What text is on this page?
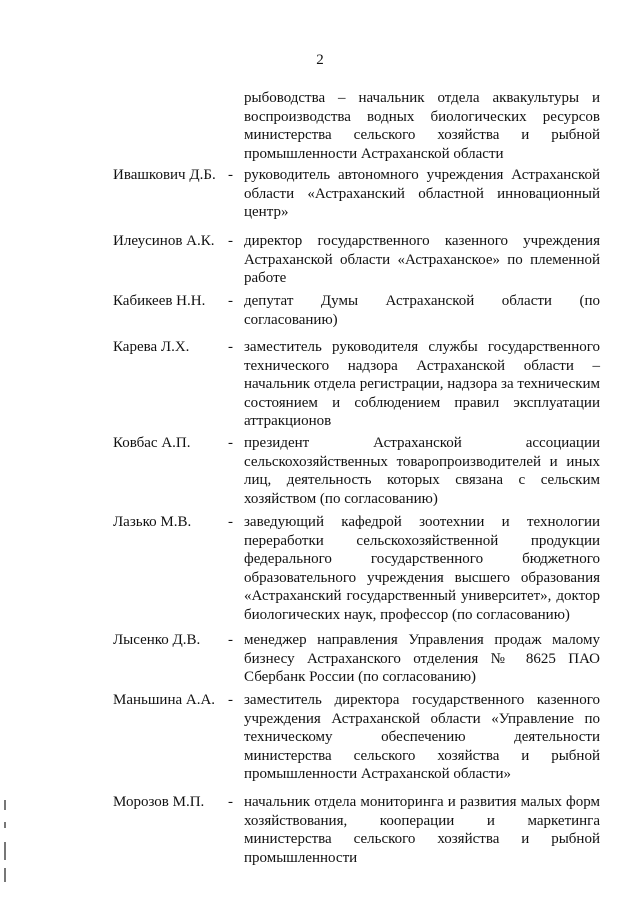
2
рыбоводства – начальник отдела аквакультуры и воспроизводства водных биологических ресурсов министерства сельского хозяйства и рыбной промышленности Астраханской области
Ивашкович Д.Б. - руководитель автономного учреждения Астраханской области «Астраханский областной инновационный центр»
Илеусинов А.К. - директор государственного казенного учреждения Астраханской области «Астраханское» по племенной работе
Кабикеев Н.Н. - депутат Думы Астраханской области (по согласованию)
Карева Л.Х.	- заместитель руководителя службы государственного технического надзора Астраханской области – начальник отдела регистрации, надзора за техническим состоянием и соблюдением правил эксплуатации аттракционов
Ковбас А.П. - президент Астраханской ассоциации сельскохозяйственных товаропроизводителей и иных лиц, деятельность которых связана с сельским хозяйством (по согласованию)
Лазько М.В. - заведующий кафедрой зоотехнии и технологии переработки сельскохозяйственной продукции федерального государственного бюджетного образовательного учреждения высшего образования «Астраханский государственный университет», доктор биологических наук, профессор (по согласованию)
Лысенко Д.В. - менеджер направления Управления продаж малому бизнесу Астраханского отделения № 8625 ПАО Сбербанк России (по согласованию)
Маньшина А.А. - заместитель директора государственного казенного учреждения Астраханской области «Управление по техническому обеспечению деятельности министерства сельского хозяйства и рыбной промышленности Астраханской области»
Морозов М.П. - начальник отдела мониторинга и развития малых форм хозяйствования, кооперации и маркетинга министерства сельского хозяйства и рыбной промышленности
